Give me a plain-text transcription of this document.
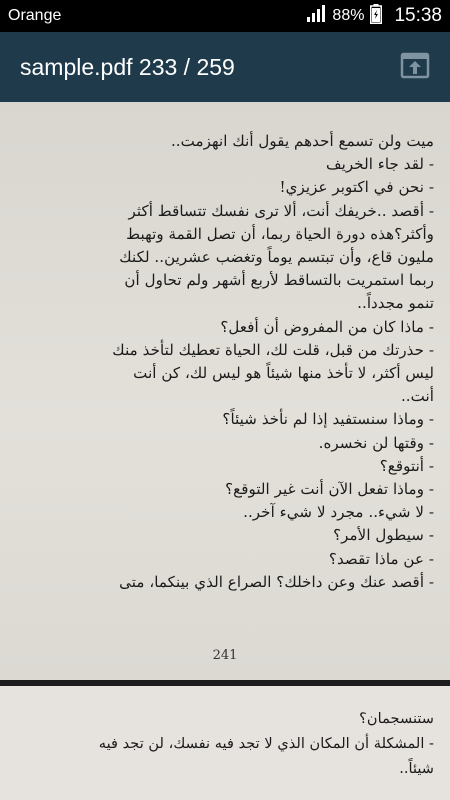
Orange	88% 15:38
sample.pdf 233 / 259
ميت ولن تسمع أحدهم يقول أنك انهزمت..
- لقد جاء الخريف
- نحن في اكتوبر عزيزي!
- أقصد ..خريفك أنت، ألا ترى نفسك تتساقط أكثر
وأكثر؟هذه دورة الحياة ربما، أن تصل القمة وتهبط
مليون قاع، وأن تبتسم يوماً وتغضب عشرين.. لكنك
ربما استمريت بالتساقط لأربع أشهر ولم تحاول أن
تنمو مجدداً..
- ماذا كان من المفروض أن أفعل؟
- حذرتك من قبل، قلت لك، الحياة تعطيك لتأخذ منك
ليس أكثر، لا تأخذ منها شيئاً هو ليس لك، كن أنت
أنت..
- وماذا سنستفيد إذا لم نأخذ شيئاً؟
- وقتها لن نخسره.
- أنتوقع؟
- وماذا تفعل الآن أنت غير التوقع؟
- لا شيء.. مجرد لا شيء آخر..
- سيطول الأمر؟
- عن ماذا تقصد؟
- أقصد عنك وعن داخلك؟ الصراع الذي بينكما، متى
241
ستنسجمان؟
- المشكلة أن المكان الذي لا تجد فيه نفسك، لن تجد فيه
شيئاً..
